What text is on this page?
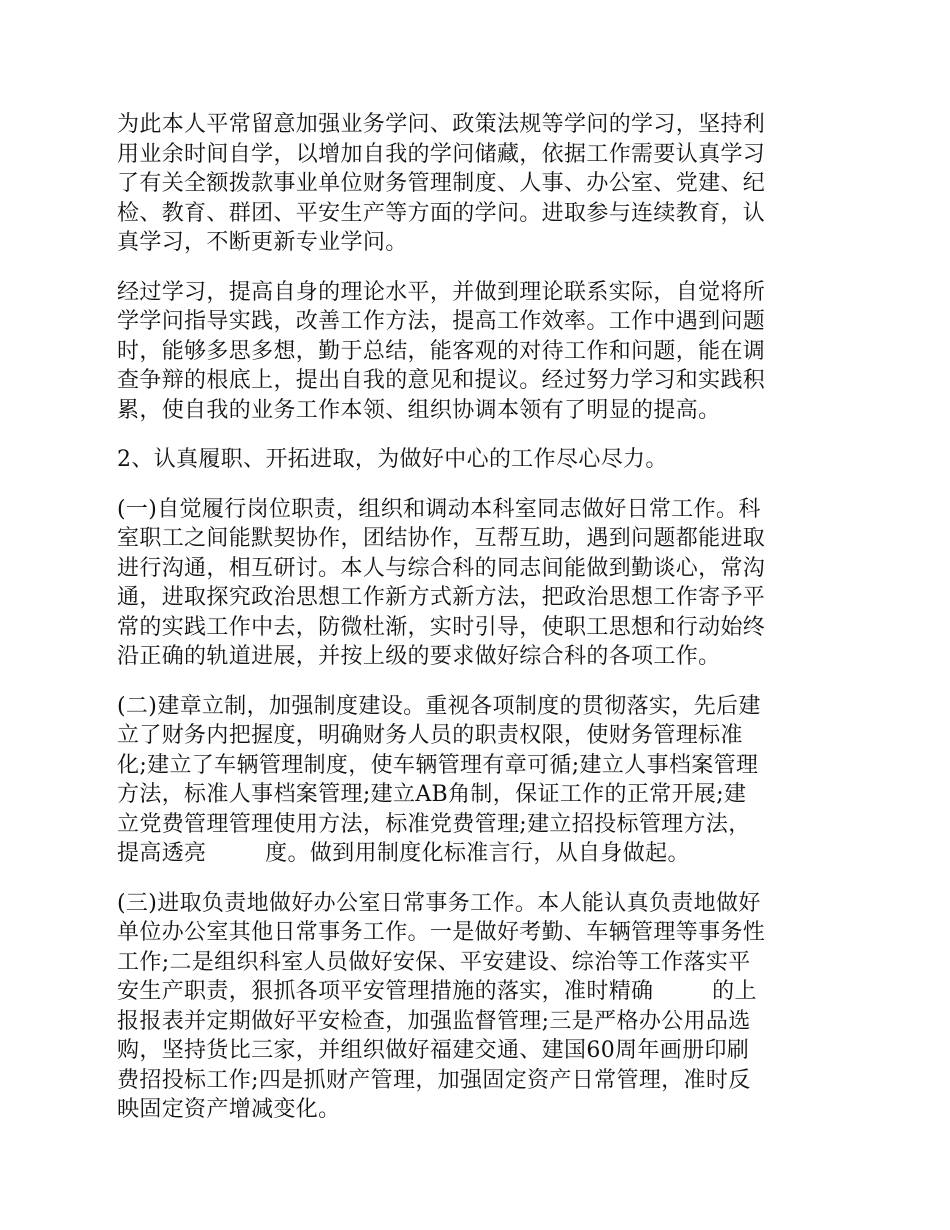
为此本人平常留意加强业务学问、政策法规等学问的学习，坚持利
用业余时间自学，以增加自我的学问储藏，依据工作需要认真学习
了有关全额拨款事业单位财务管理制度、人事、办公室、党建、纪
检、教育、群团、平安生产等方面的学问。进取参与连续教育，认
真学习，不断更新专业学问。
经过学习，提高自身的理论水平，并做到理论联系实际，自觉将所
学学问指导实践，改善工作方法，提高工作效率。工作中遇到问题
时，能够多思多想，勤于总结，能客观的对待工作和问题，能在调
查争辩的根底上，提出自我的意见和提议。经过努力学习和实践积
累，使自我的业务工作本领、组织协调本领有了明显的提高。
2、认真履职、开拓进取，为做好中心的工作尽心尽力。
(一)自觉履行岗位职责，组织和调动本科室同志做好日常工作。科
室职工之间能默契协作，团结协作，互帮互助，遇到问题都能进取
进行沟通，相互研讨。本人与综合科的同志间能做到勤谈心，常沟
通，进取探究政治思想工作新方式新方法，把政治思想工作寄予平
常的实践工作中去，防微杜渐，实时引导，使职工思想和行动始终
沿正确的轨道进展，并按上级的要求做好综合科的各项工作。
(二)建章立制，加强制度建设。重视各项制度的贯彻落实，先后建
立了财务内把握度，明确财务人员的职责权限，使财务管理标准
化;建立了车辆管理制度，使车辆管理有章可循;建立人事档案管理
方法，标准人事档案管理;建立AB角制，保证工作的正常开展;建
立党费管理管理使用方法，标准党费管理;建立招投标管理方法，
提高透亮        度。做到用制度化标准言行，从自身做起。
(三)进取负责地做好办公室日常事务工作。本人能认真负责地做好
单位办公室其他日常事务工作。一是做好考勤、车辆管理等事务性
工作;二是组织科室人员做好安保、平安建设、综治等工作落实平
安生产职责，狠抓各项平安管理措施的落实，准时精确        的上
报报表并定期做好平安检查，加强监督管理;三是严格办公用品选
购，坚持货比三家，并组织做好福建交通、建国60周年画册印刷
费招投标工作;四是抓财产管理，加强固定资产日常管理，准时反
映固定资产增减变化。
